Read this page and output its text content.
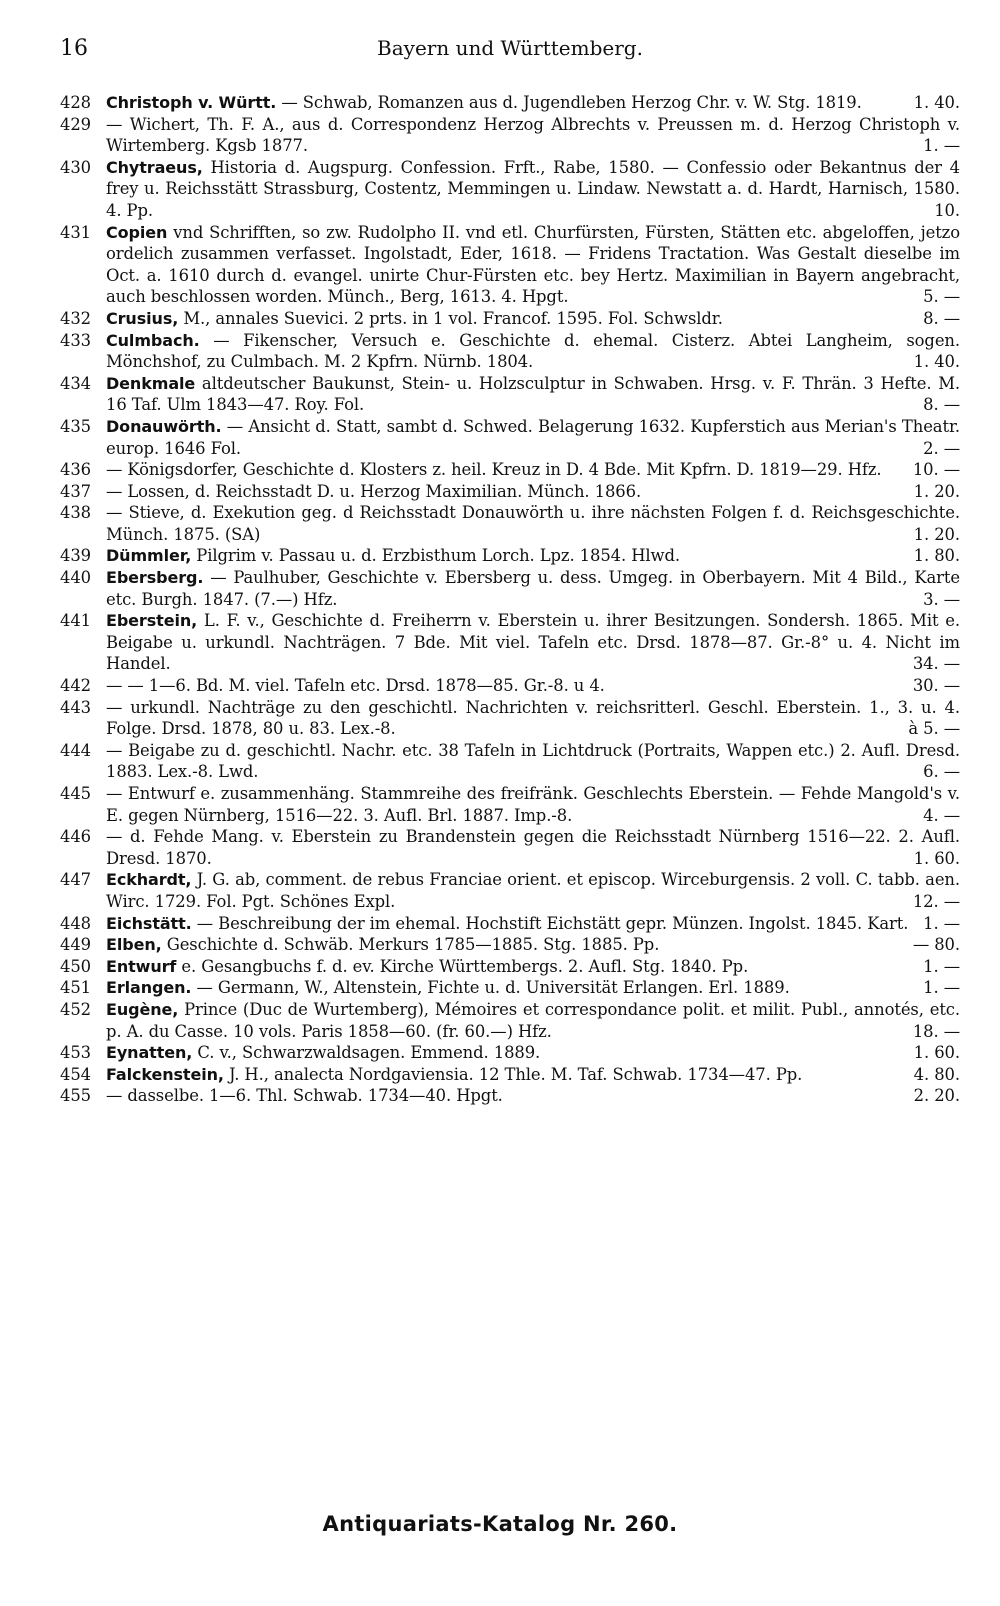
16	Bayern und Württemberg.
428 Christoph v. Württ. — Schwab, Romanzen aus d. Jugendleben Herzog Chr. v. W. Stg. 1819.	1. 40.
429 — Wichert, Th. F. A., aus d. Correspondenz Herzog Albrechts v. Preussen m. d. Herzog Christoph v. Wirtemberg. Kgsb 1877.	1. —
430 Chytraeus, Historia d. Augspurg. Confession. Frft., Rabe, 1580. — Confessio oder Bekantnus der 4 frey u. Reichsstätt Strassburg, Costentz, Memmingen u. Lindaw. Newstatt a. d. Hardt, Harnisch, 1580. 4. Pp.	10.
431 Copien vnd Schrifften, so zw. Rudolpho II. vnd etl. Churfürsten, Fürsten, Stätten etc. abgeloffen, jetzo ordelich zusammen verfasset. Ingolstadt, Eder, 1618. — Fridens Tractation. Was Gestalt dieselbe im Oct. a. 1610 durch d. evangel. unirte Chur-Fürsten etc. bey Hertz. Maximilian in Bayern angebracht, auch beschlossen worden. Münch., Berg, 1613. 4. Hpgt.	5. —
432 Crusius, M., annales Suevici. 2 prts. in 1 vol. Francof. 1595. Fol. Schwsldr.	8. —
433 Culmbach. — Fikenscher, Versuch e. Geschichte d. ehemal. Cisterz. Abtei Langheim, sogen. Mönchshof, zu Culmbach. M. 2 Kpfrn. Nürnb. 1804.	1. 40.
434 Denkmale altdeutscher Baukunst, Stein- u. Holzsculptur in Schwaben. Hrsg. v. F. Thrän. 3 Hefte. M. 16 Taf. Ulm 1843—47. Roy. Fol.	8. —
435 Donauwörth. — Ansicht d. Statt, sambt d. Schwed. Belagerung 1632. Kupferstich aus Merian's Theatr. europ. 1646 Fol.	2. —
436 — Königsdorfer, Geschichte d. Klosters z. heil. Kreuz in D. 4 Bde. Mit Kpfrn. D. 1819—29. Hfz. 10. —
437 — Lossen, d. Reichsstadt D. u. Herzog Maximilian. Münch. 1866.	1. 20.
438 — Stieve, d. Exekution geg. d Reichsstadt Donauwörth u. ihre nächsten Folgen f. d. Reichsgeschichte. Münch. 1875. (SA)	1. 20.
439 Dümmler, Pilgrim v. Passau u. d. Erzbisthum Lorch. Lpz. 1854. Hlwd.	1. 80.
440 Ebersberg. — Paulhuber, Geschichte v. Ebersberg u. dess. Umgeg. in Oberbayern. Mit 4 Bild., Karte etc. Burgh. 1847. (7.—) Hfz.	3. —
441 Eberstein, L. F. v., Geschichte d. Freiherrn v. Eberstein u. ihrer Besitzungen. Sondersh. 1865. Mit e. Beigabe u. urkundl. Nachträgen. 7 Bde. Mit viel. Tafeln etc. Drsd. 1878—87. Gr.-8° u. 4. Nicht im Handel.	34. —
442 — — 1—6. Bd. M. viel. Tafeln etc. Drsd. 1878—85. Gr.-8. u 4.	30. —
443 — urkundl. Nachträge zu den geschichtl. Nachrichten v. reichsritterl. Geschl. Eberstein. 1., 3. u. 4. Folge. Drsd. 1878, 80 u. 83. Lex.-8.	à 5. —
444 — Beigabe zu d. geschichtl. Nachr. etc. 38 Tafeln in Lichtdruck (Portraits, Wappen etc.) 2. Aufl. Dresd. 1883. Lex.-8. Lwd.	6. —
445 — Entwurf e. zusammenhäng. Stammreihe des freifränk. Geschlechts Eberstein. — Fehde Mangold's v. E. gegen Nürnberg, 1516—22. 3. Aufl. Brl. 1887. Imp.-8.	4. —
446 — d. Fehde Mang. v. Eberstein zu Brandenstein gegen die Reichsstadt Nürnberg 1516—22. 2. Aufl. Dresd. 1870.	1. 60.
447 Eckhardt, J. G. ab, comment. de rebus Franciae orient. et episcop. Wirceburgensis. 2 voll. C. tabb. aen. Wirc. 1729. Fol. Pgt. Schönes Expl.	12. —
448 Eichstätt. — Beschreibung der im ehemal. Hochstift Eichstätt gepr. Münzen. Ingolst. 1845. Kart. 1. —
449 Elben, Geschichte d. Schwäb. Merkurs 1785—1885. Stg. 1885. Pp.	— 80.
450 Entwurf e. Gesangbuchs f. d. ev. Kirche Württembergs. 2. Aufl. Stg. 1840. Pp.	1. —
451 Erlangen. — Germann, W., Altenstein, Fichte u. d. Universität Erlangen. Erl. 1889.	1. —
452 Eugène, Prince (Duc de Wurtemberg), Mémoires et correspondance polit. et milit. Publ., annotés, etc. p. A. du Casse. 10 vols. Paris 1858—60. (fr. 60.—) Hfz.	18. —
453 Eynatten, C. v., Schwarzwaldsagen. Emmend. 1889.	1. 60.
454 Falckenstein, J. H., analecta Nordgaviensia. 12 Thle. M. Taf. Schwab. 1734—47. Pp.	4. 80.
455 — dasselbe. 1—6. Thl. Schwab. 1734—40. Hpgt.	2. 20.
Antiquariats-Katalog Nr. 260.
